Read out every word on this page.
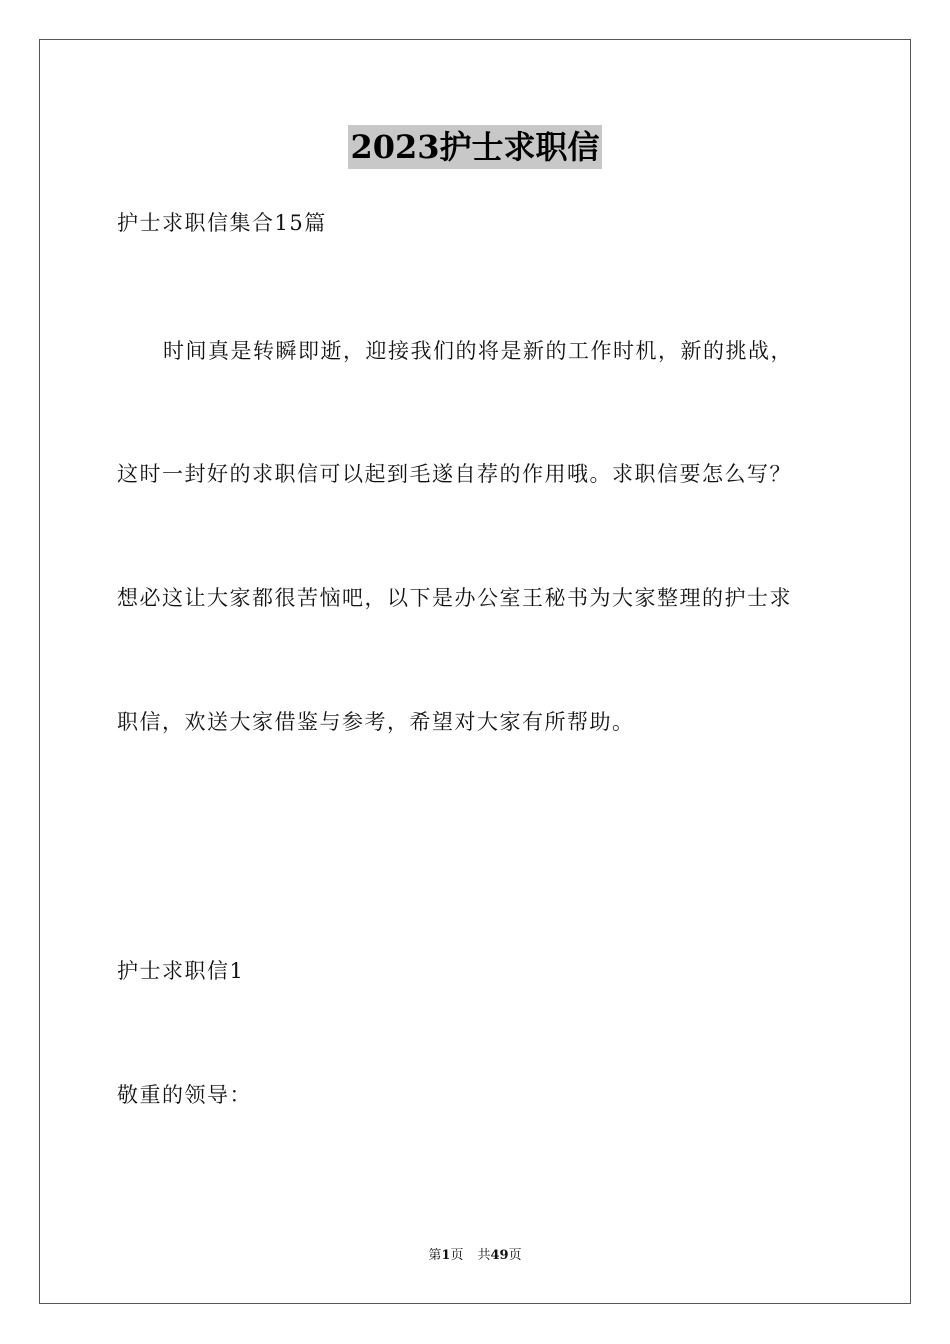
2023护士求职信
护士求职信集合15篇
时间真是转瞬即逝，迎接我们的将是新的工作时机，新的挑战，
这时一封好的求职信可以起到毛遂自荐的作用哦。求职信要怎么写？
想必这让大家都很苦恼吧，以下是办公室王秘书为大家整理的护士求
职信，欢送大家借鉴与参考，希望对大家有所帮助。
护士求职信1
敬重的领导：
第1页 共49页
